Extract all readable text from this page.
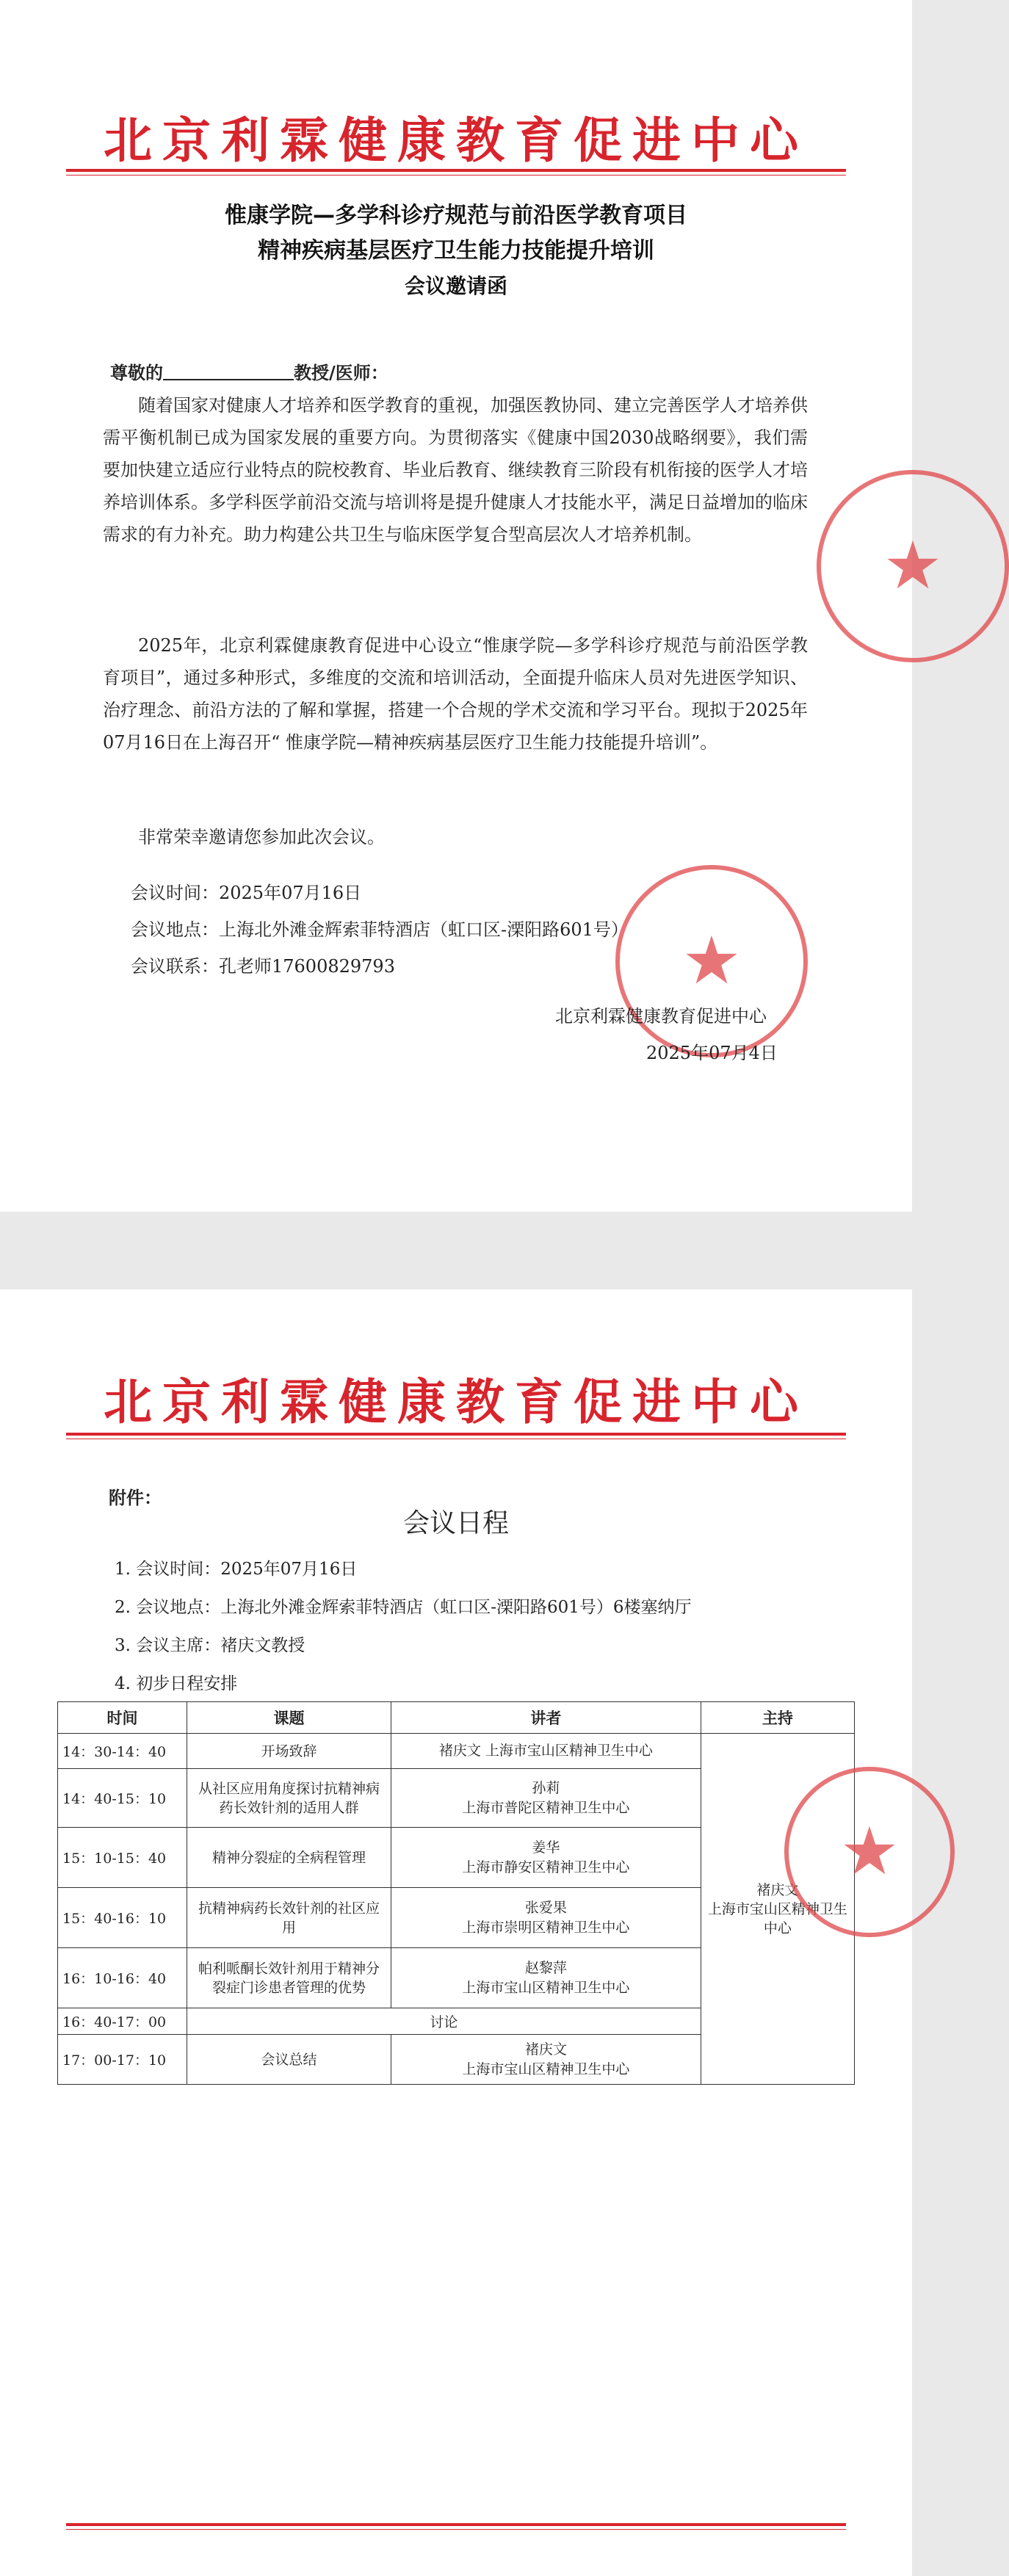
北京利霖健康教育促进中心
惟康学院—多学科诊疗规范与前沿医学教育项目
精神疾病基层医疗卫生能力技能提升培训
会议邀请函
尊敬的	教授/医师：
随着国家对健康人才培养和医学教育的重视，加强医教协同、建立完善医学人才培养供需平衡机制已成为国家发展的重要方向。为贯彻落实《健康中国2030战略纲要》，我们需要加快建立适应行业特点的院校教育、毕业后教育、继续教育三阶段有机衔接的医学人才培养培训体系。多学科医学前沿交流与培训将是提升健康人才技能水平，满足日益增加的临床需求的有力补充。助力构建公共卫生与临床医学复合型高层次人才培养机制。
2025年，北京利霖健康教育促进中心设立“惟康学院—多学科诊疗规范与前沿医学教育项目”，通过多种形式，多维度的交流和培训活动，全面提升临床人员对先进医学知识、治疗理念、前沿方法的了解和掌握，搭建一个合规的学术交流和学习平台。现拟于2025年07月16日在上海召开“ 惟康学院—精神疾病基层医疗卫生能力技能提升培训”。
非常荣幸邀请您参加此次会议。
会议时间：2025年07月16日
会议地点：上海北外滩金辉索菲特酒店（虹口区-溧阳路601号）
会议联系：孔老师17600829793	★
★
北京利霖健康教育促进中心
2025年07月4日
北京利霖健康教育促进中心
附件：
会议日程
1. 会议时间：2025年07月16日
2. 会议地点：上海北外滩金辉索菲特酒店（虹口区-溧阳路601号）6楼塞纳厅
3. 会议主席：褚庆文教授
4. 初步日程安排
时间	课题	讲者	主持
14：30-14：40	开场致辞	褚庆文 上海市宝山区精神卫生中心	褚庆文
上海市宝山区精神卫生中心

14：40-15：10	从社区应用角度探讨抗精神病药长效针剂的适用人群	孙莉
上海市普陀区精神卫生中心	

15：10-15：40	精神分裂症的全病程管理	姜华
上海市静安区精神卫生中心	

15：40-16：10	抗精神病药长效针剂的社区应用	张爱果
上海市崇明区精神卫生中心	

16：10-16：40	帕利哌酮长效针剂用于精神分裂症门诊患者管理的优势	赵黎萍
上海市宝山区精神卫生中心	

16：40-17：00	讨论		
17：00-17：10	会议总结	褚庆文
上海市宝山区精神卫生中心	
★
